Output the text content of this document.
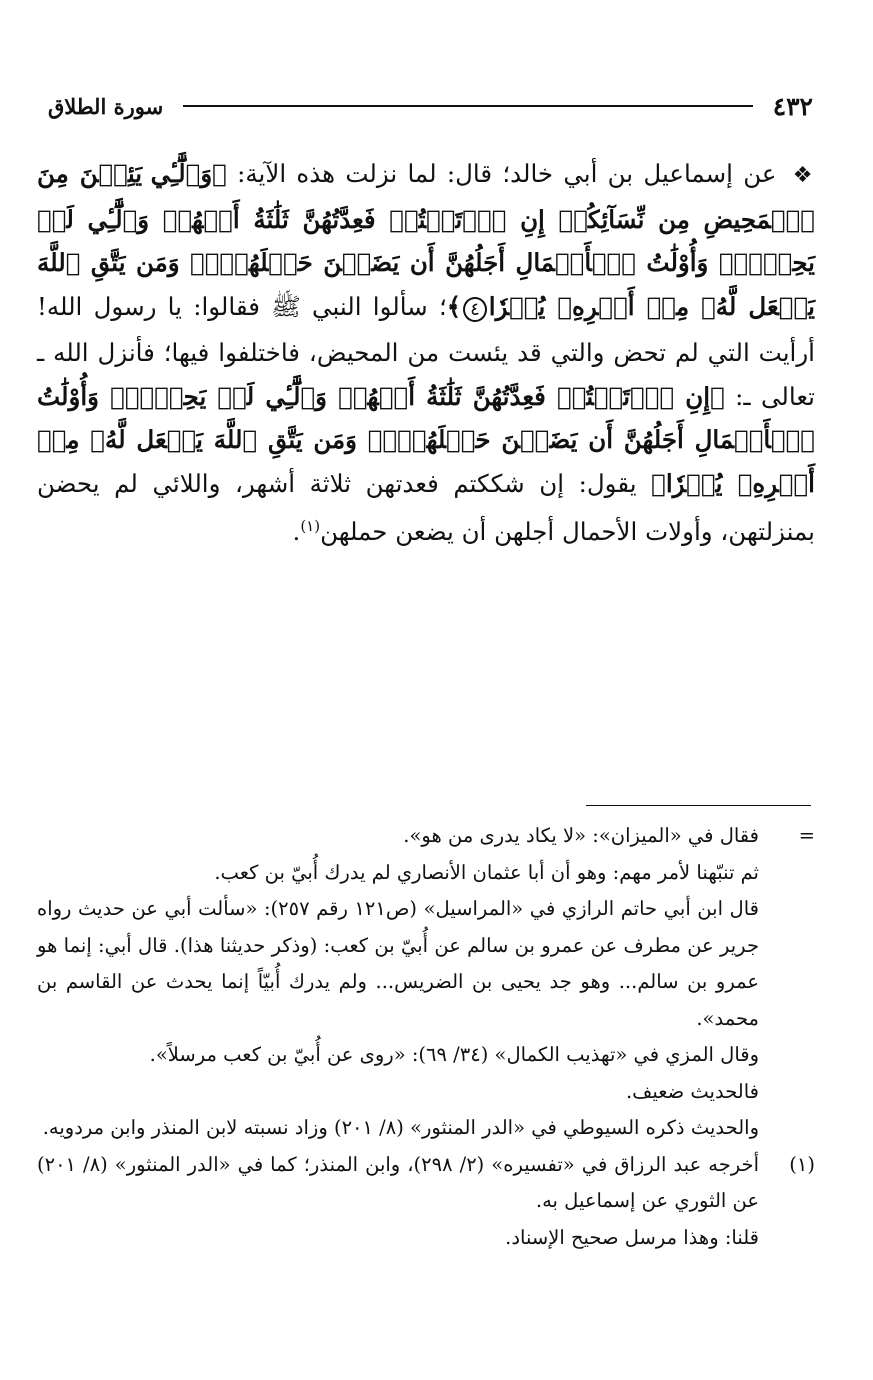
٤٣٢
سورة الطلاق

❖ عن إسماعيل بن أبي خالد؛ قال: لما نزلت هذه الآية: ﴿وَٱلَّٰٓـِٔي يَئِسۡنَ مِنَ ٱلۡمَحِيضِ مِن نِّسَآئِكُمۡ إِنِ ٱرۡتَبۡتُمۡ فَعِدَّتُهُنَّ ثَلَٰثَةُ أَشۡهُرٖ وَٱلَّٰٓـِٔي لَمۡ يَحِضۡنَۚ وَأُوْلَٰتُ ٱلۡأَحۡمَالِ أَجَلُهُنَّ أَن يَضَعۡنَ حَمۡلَهُنَّۚ وَمَن يَتَّقِ ٱللَّهَ يَجۡعَل لَّهُۥ مِنۡ أَمۡرِهِۦ يُسۡرٗا٤﴾؛ سألوا النبي ﷺ فقالوا: يا رسول الله! أرأيت التي لم تحض والتي قد يئست من المحيض، فاختلفوا فيها؛ فأنزل الله ـ تعالى ـ: ﴿إِنِ ٱرۡتَبۡتُمۡ فَعِدَّتُهُنَّ ثَلَٰثَةُ أَشۡهُرٖ وَٱلَّٰٓـِٔي لَمۡ يَحِضۡنَۚ وَأُوْلَٰتُ ٱلۡأَحۡمَالِ أَجَلُهُنَّ أَن يَضَعۡنَ حَمۡلَهُنَّۚ وَمَن يَتَّقِ ٱللَّهَ يَجۡعَل لَّهُۥ مِنۡ أَمۡرِهِۦ يُسۡرٗا﴾ يقول: إن شككتم فعدتهن ثلاثة أشهر، واللائي لم يحضن بمنزلتهن، وأولات الأحمال أجلهن أن يضعن حملهن$^{(١)}$.

=

فقال في «الميزان»: «لا يكاد يدرى من هو».

ثم تنبّهنا لأمر مهم: وهو أن أبا عثمان الأنصاري لم يدرك أُبيّ بن كعب.

قال ابن أبي حاتم الرازي في «المراسيل» (ص١٢١ رقم ٢٥٧): «سألت أبي عن حديث رواه جرير عن مطرف عن عمرو بن سالم عن أُبيّ بن كعب: (وذكر حديثنا هذا). قال أبي: إنما هو عمرو بن سالم... وهو جد يحيى بن الضريس... ولم يدرك أُبيّاً إنما يحدث عن القاسم بن محمد».

وقال المزي في «تهذيب الكمال» (٣٤/ ٦٩): «روى عن أُبيّ بن كعب مرسلاً».

فالحديث ضعيف.

والحديث ذكره السيوطي في «الدر المنثور» (٨/ ٢٠١) وزاد نسبته لابن المنذر وابن مردويه.

(١)

أخرجه عبد الرزاق في «تفسيره» (٢/ ٢٩٨)، وابن المنذر؛ كما في «الدر المنثور» (٨/ ٢٠١) عن الثوري عن إسماعيل به.

قلنا: وهذا مرسل صحيح الإسناد.
